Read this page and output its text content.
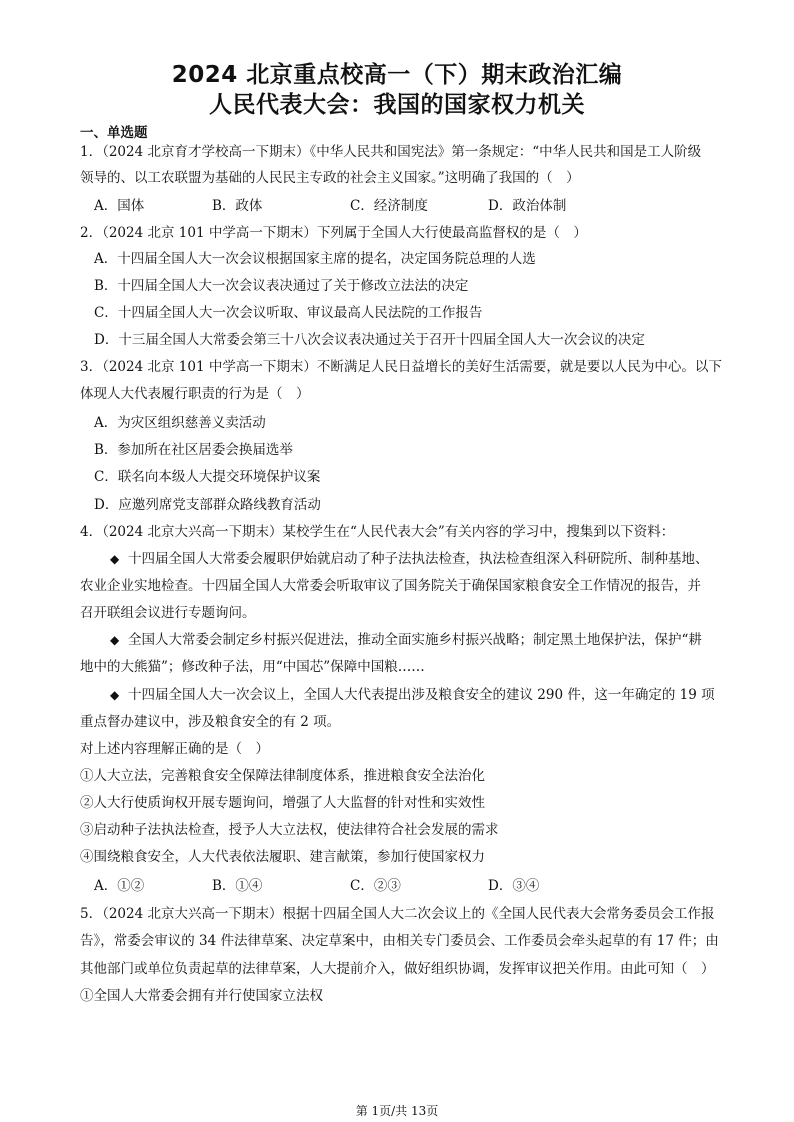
2024 北京重点校高一（下）期末政治汇编
人民代表大会：我国的国家权力机关
一、单选题
1．（2024 北京育才学校高一下期末）《中华人民共和国宪法》第一条规定：“中华人民共和国是工人阶级
领导的、以工农联盟为基础的人民民主专政的社会主义国家。”这明确了我国的（　）
A．国体	B．政体	C．经济制度	D．政治体制
2．（2024 北京 101 中学高一下期末）下列属于全国人大行使最高监督权的是（　）
A．十四届全国人大一次会议根据国家主席的提名，决定国务院总理的人选
B．十四届全国人大一次会议表决通过了关于修改立法法的决定
C．十四届全国人大一次会议听取、审议最高人民法院的工作报告
D．十三届全国人大常委会第三十八次会议表决通过关于召开十四届全国人大一次会议的决定
3．（2024 北京 101 中学高一下期末）不断满足人民日益增长的美好生活需要，就是要以人民为中心。以下
体现人大代表履行职责的行为是（　）
A．为灾区组织慈善义卖活动
B．参加所在社区居委会换届选举
C．联名向本级人大提交环境保护议案
D．应邀列席党支部群众路线教育活动
4．（2024 北京大兴高一下期末）某校学生在“人民代表大会”有关内容的学习中，搜集到以下资料：
◆ 十四届全国人大常委会履职伊始就启动了种子法执法检查，执法检查组深入科研院所、制种基地、
农业企业实地检查。十四届全国人大常委会听取审议了国务院关于确保国家粮食安全工作情况的报告，并
召开联组会议进行专题询问。
◆ 全国人大常委会制定乡村振兴促进法，推动全面实施乡村振兴战略；制定黑土地保护法，保护“耕
地中的大熊猫”；修改种子法，用“中国芯”保障中国粮……
◆ 十四届全国人大一次会议上，全国人大代表提出涉及粮食安全的建议 290 件，这一年确定的 19 项
重点督办建议中，涉及粮食安全的有 2 项。
对上述内容理解正确的是（　）
①人大立法，完善粮食安全保障法律制度体系，推进粮食安全法治化
②人大行使质询权开展专题询问，增强了人大监督的针对性和实效性
③启动种子法执法检查，授予人大立法权，使法律符合社会发展的需求
④围绕粮食安全，人大代表依法履职、建言献策，参加行使国家权力
A．①②	B．①④	C．②③	D．③④
5．（2024 北京大兴高一下期末）根据十四届全国人大二次会议上的《全国人民代表大会常务委员会工作报
告》，常委会审议的 34 件法律草案、决定草案中，由相关专门委员会、工作委员会牵头起草的有 17 件；由
其他部门或单位负责起草的法律草案，人大提前介入，做好组织协调，发挥审议把关作用。由此可知（　）
①全国人大常委会拥有并行使国家立法权
第 1页/共 13页
